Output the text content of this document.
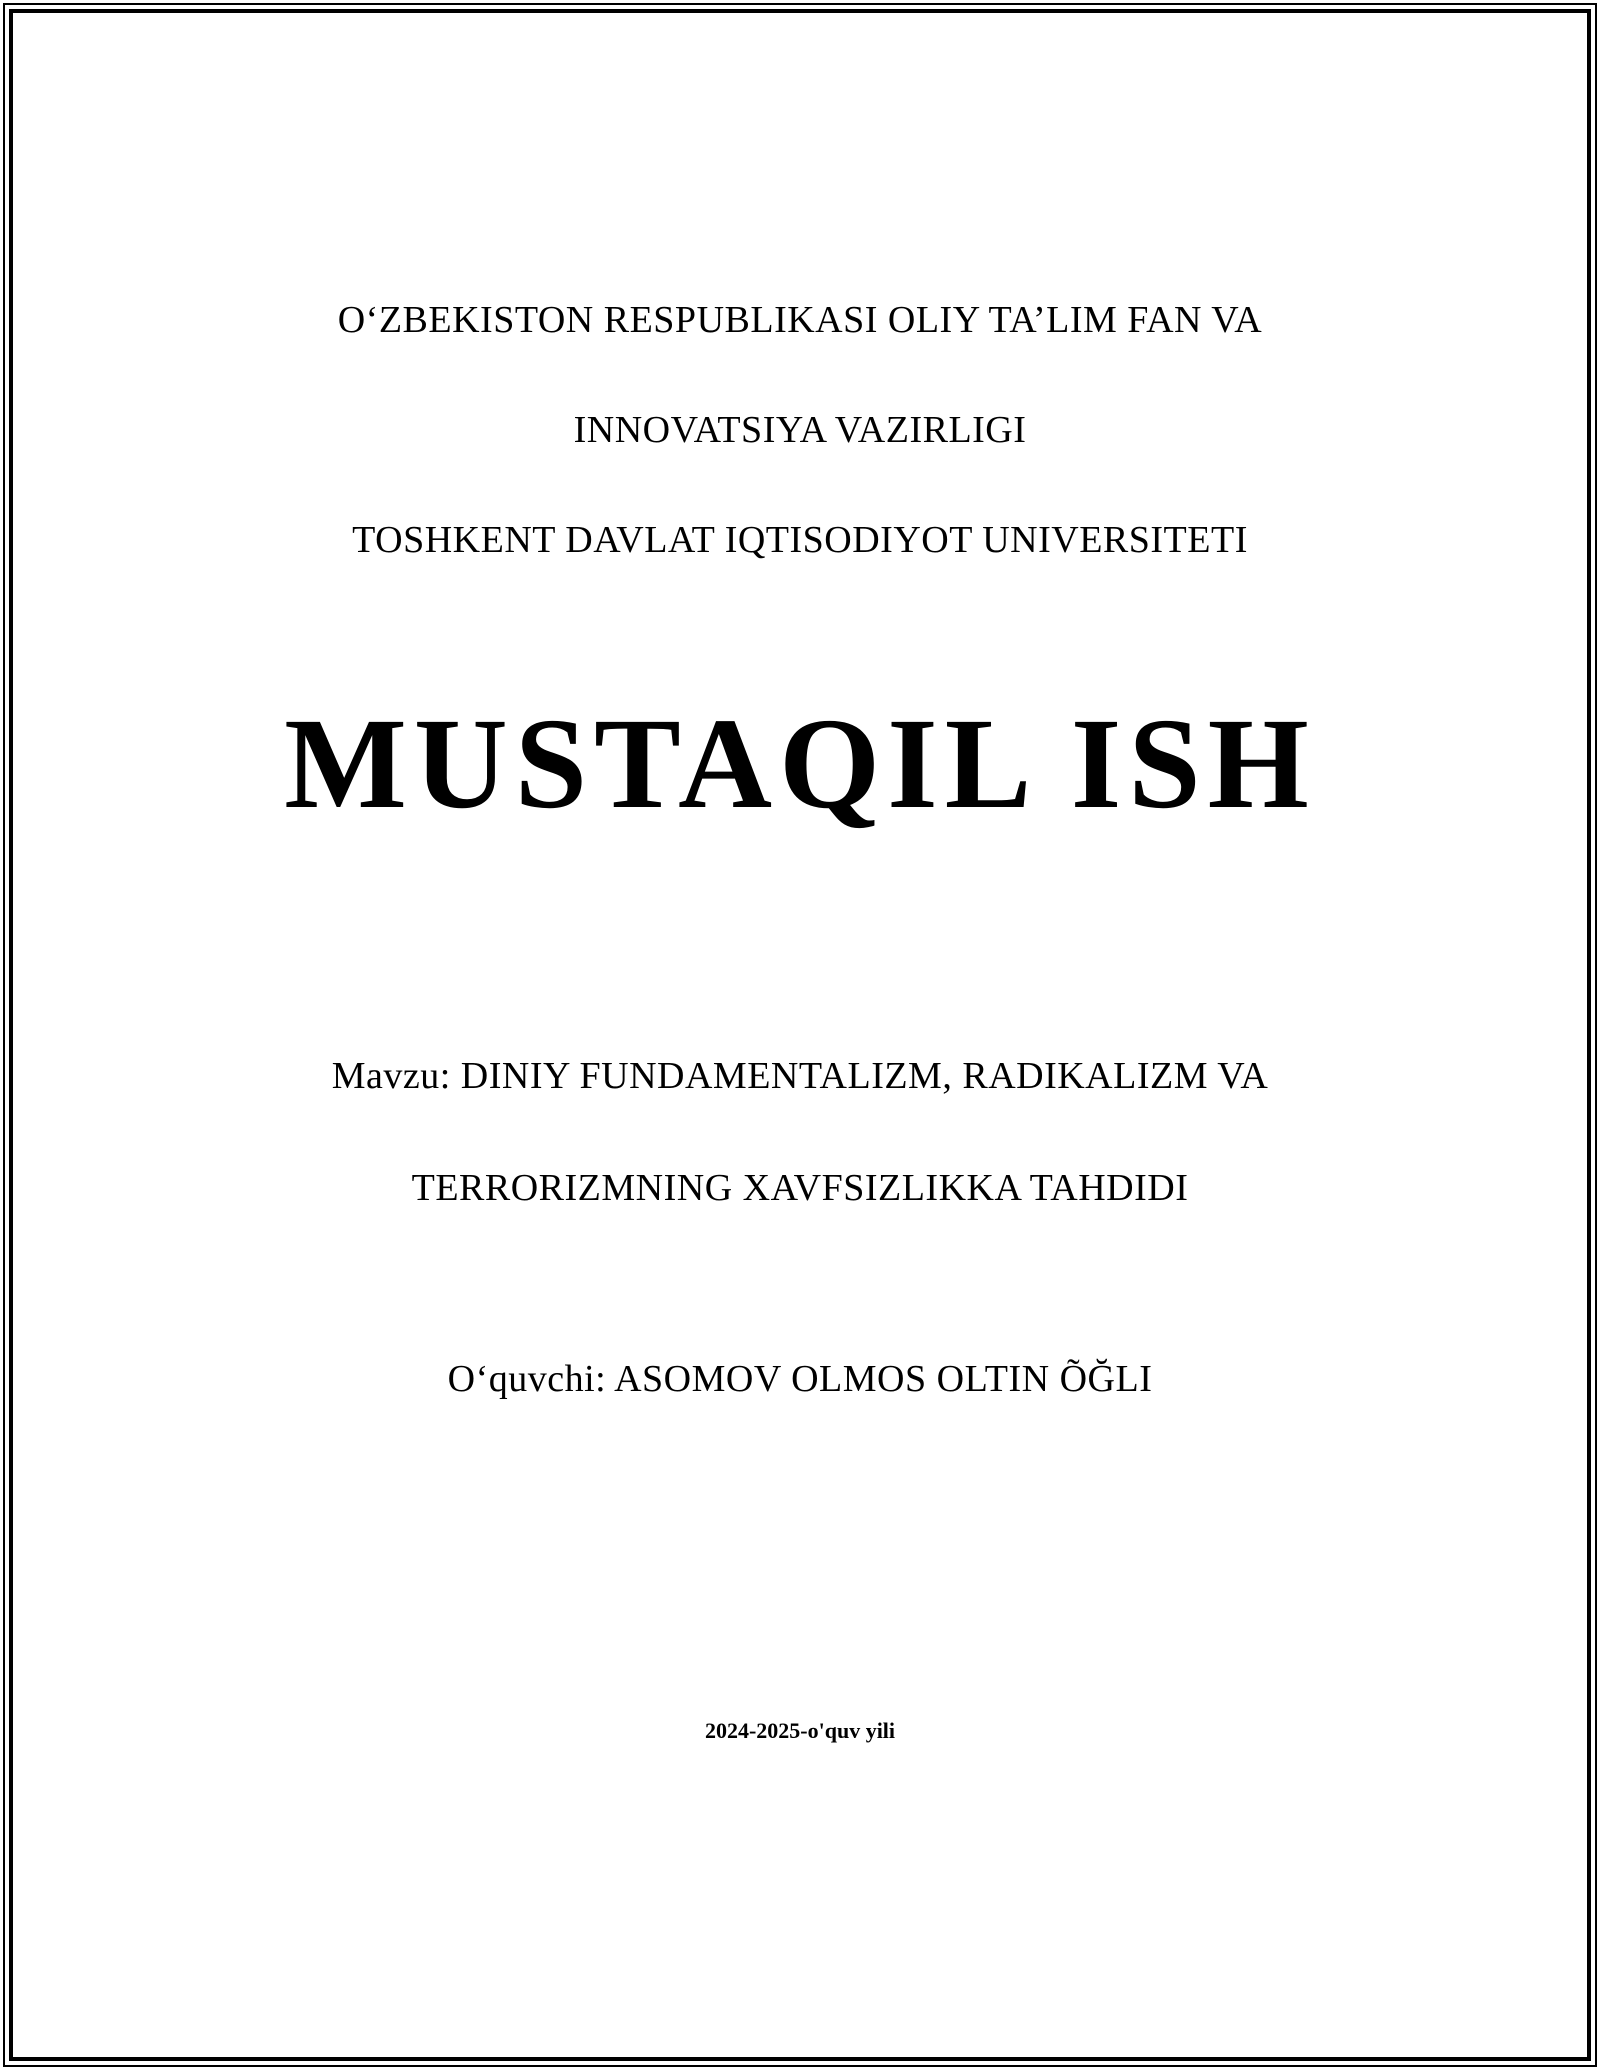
O‘ZBEKISTON RESPUBLIKASI OLIY TA’LIM FAN VA

INNOVATSIYA VAZIRLIGI

TOSHKENT DAVLAT IQTISODIYOT UNIVERSITETI

MUSTAQIL ISH

Mavzu: DINIY FUNDAMENTALIZM, RADIKALIZM VA

TERRORIZMNING XAVFSIZLIKKA TAHDIDI

O‘quvchi: ASOMOV OLMOS OLTIN ÕĞLI
2024-2025-o'quv yili
